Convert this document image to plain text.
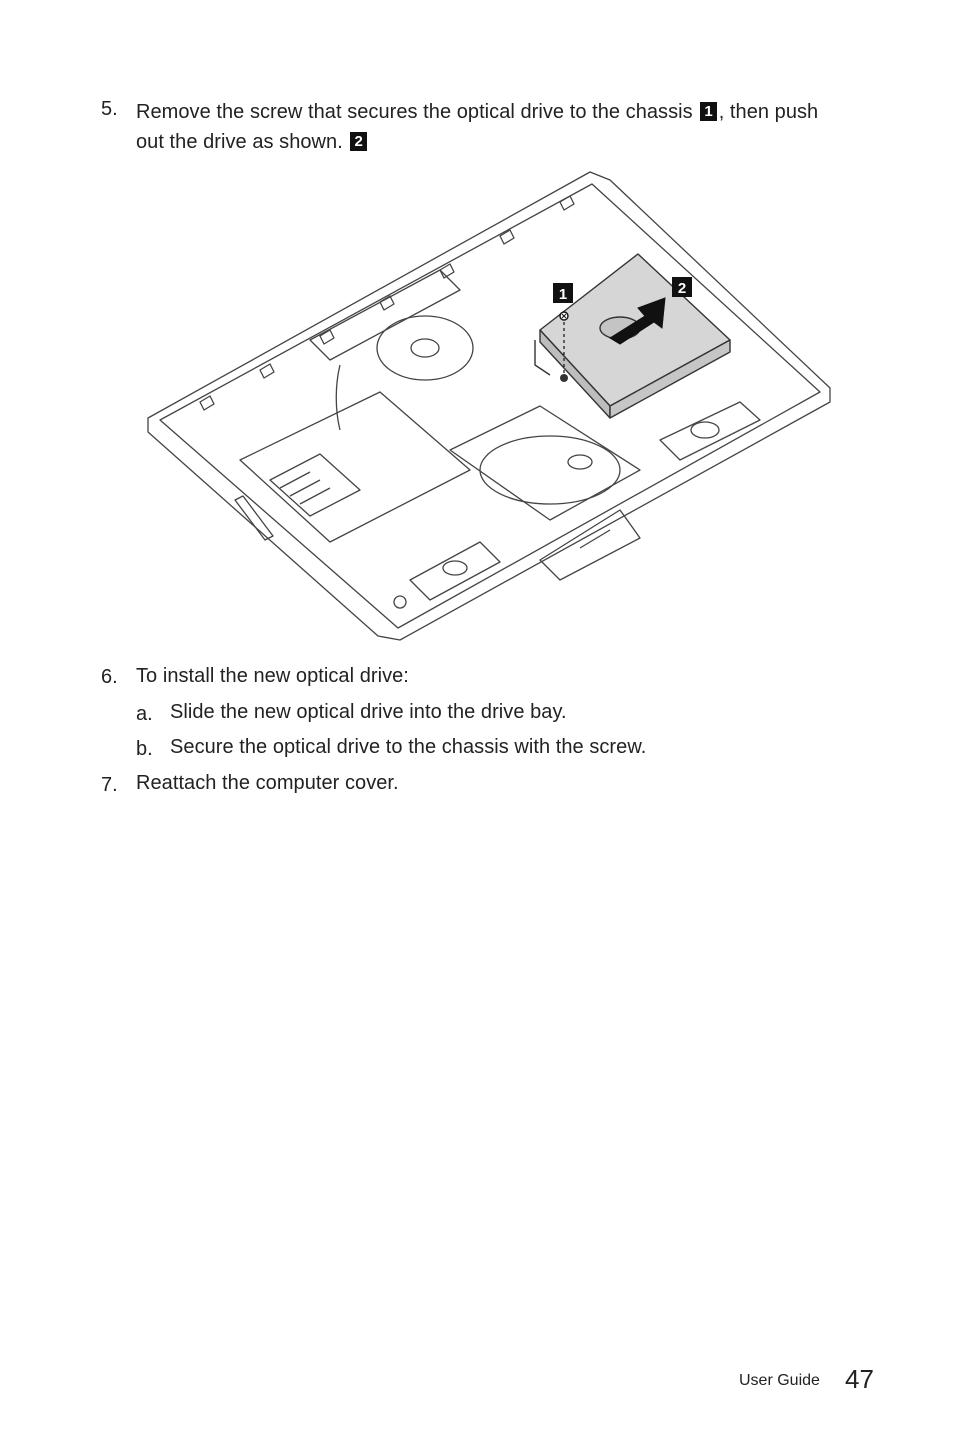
5. Remove the screw that secures the optical drive to the chassis 1 , then push
out the drive as shown. 2
1	2
6. To install the new optical drive:
a. Slide the new optical drive into the drive bay.
b. Secure the optical drive to the chassis with the screw.
7. Reattach the computer cover.
User Guide 47
